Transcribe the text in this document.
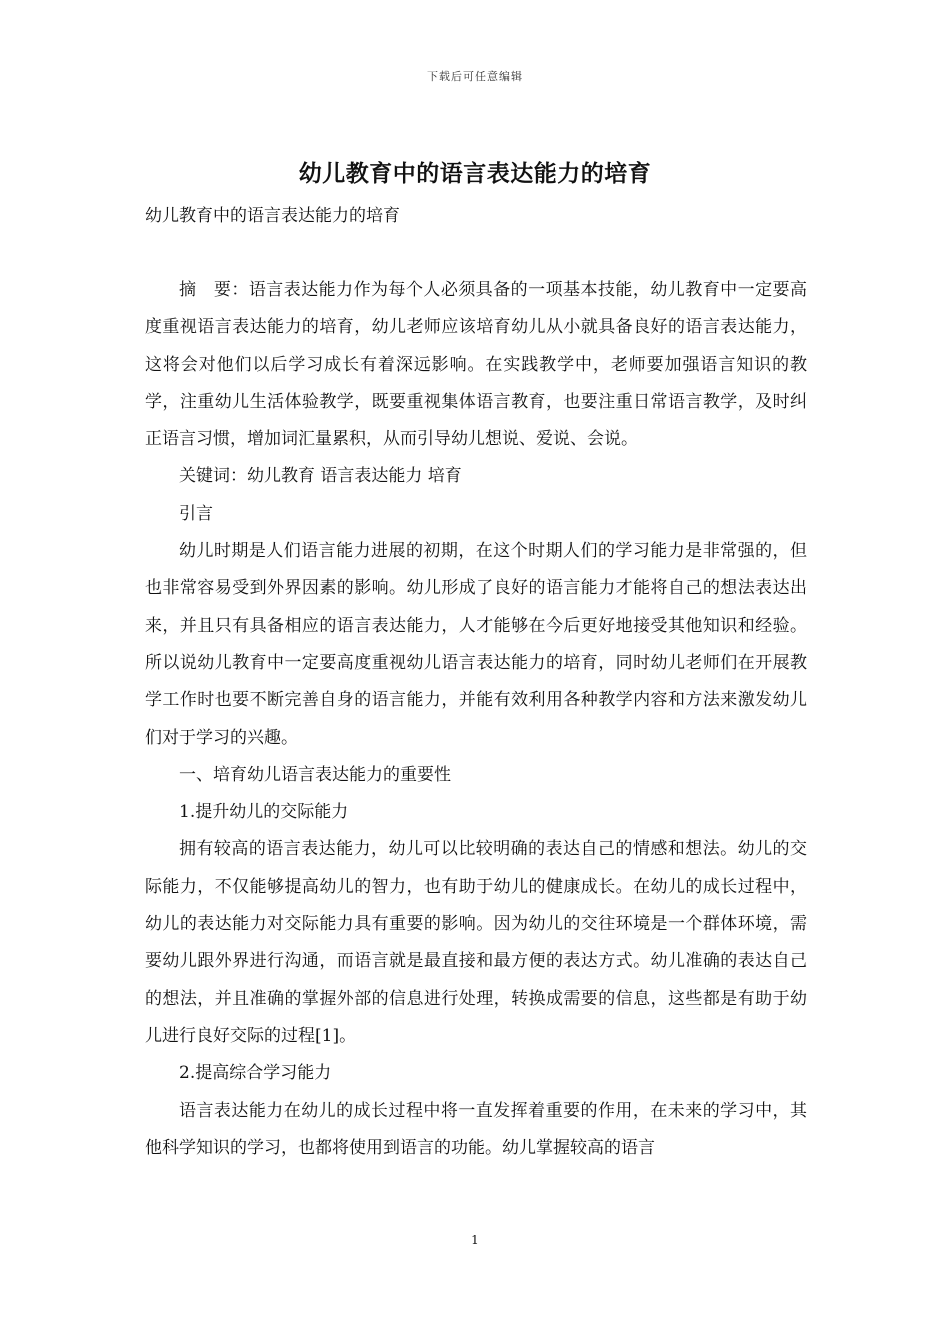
下载后可任意编辑
幼儿教育中的语言表达能力的培育
幼儿教育中的语言表达能力的培育

摘　要：语言表达能力作为每个人必须具备的一项基本技能，幼儿教育中一定要高度重视语言表达能力的培育，幼儿老师应该培育幼儿从小就具备良好的语言表达能力，这将会对他们以后学习成长有着深远影响。在实践教学中，老师要加强语言知识的教学，注重幼儿生活体验教学，既要重视集体语言教育，也要注重日常语言教学，及时纠正语言习惯，增加词汇量累积，从而引导幼儿想说、爱说、会说。

关键词：幼儿教育 语言表达能力 培育

引言

幼儿时期是人们语言能力进展的初期，在这个时期人们的学习能力是非常强的，但也非常容易受到外界因素的影响。幼儿形成了良好的语言能力才能将自己的想法表达出来，并且只有具备相应的语言表达能力，人才能够在今后更好地接受其他知识和经验。所以说幼儿教育中一定要高度重视幼儿语言表达能力的培育，同时幼儿老师们在开展教学工作时也要不断完善自身的语言能力，并能有效利用各种教学内容和方法来激发幼儿们对于学习的兴趣。

一、培育幼儿语言表达能力的重要性

1.提升幼儿的交际能力

拥有较高的语言表达能力，幼儿可以比较明确的表达自己的情感和想法。幼儿的交际能力，不仅能够提高幼儿的智力，也有助于幼儿的健康成长。在幼儿的成长过程中，幼儿的表达能力对交际能力具有重要的影响。因为幼儿的交往环境是一个群体环境，需要幼儿跟外界进行沟通，而语言就是最直接和最方便的表达方式。幼儿准确的表达自己的想法，并且准确的掌握外部的信息进行处理，转换成需要的信息，这些都是有助于幼儿进行良好交际的过程[1]。

2.提高综合学习能力

语言表达能力在幼儿的成长过程中将一直发挥着重要的作用，在未来的学习中，其他科学知识的学习，也都将使用到语言的功能。幼儿掌握较高的语言

1
